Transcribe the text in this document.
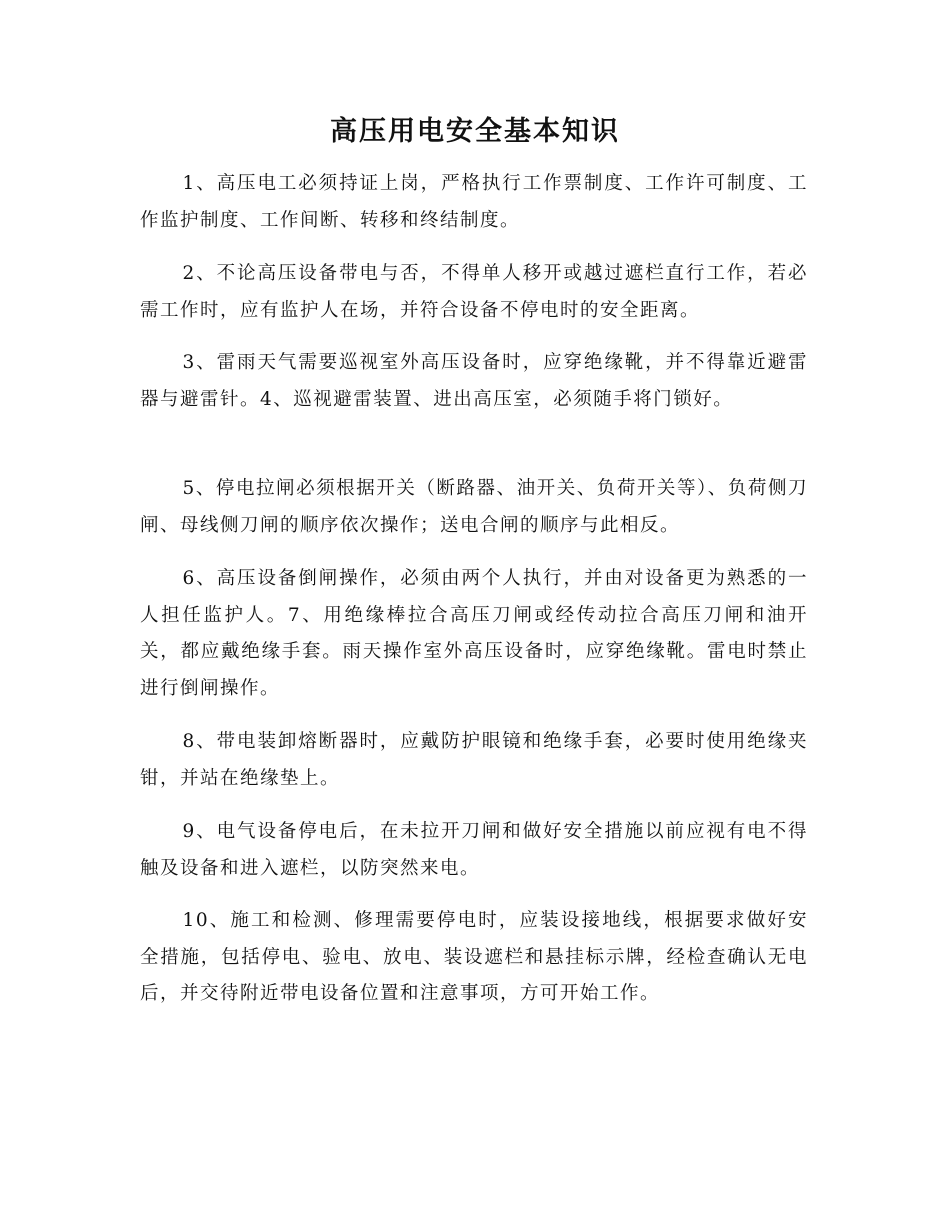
高压用电安全基本知识

1、高压电工必须持证上岗，严格执行工作票制度、工作许可制度、工作监护制度、工作间断、转移和终结制度。

2、不论高压设备带电与否，不得单人移开或越过遮栏直行工作，若必需工作时，应有监护人在场，并符合设备不停电时的安全距离。

3、雷雨天气需要巡视室外高压设备时，应穿绝缘靴，并不得靠近避雷器与避雷针。4、巡视避雷装置、进出高压室，必须随手将门锁好。

5、停电拉闸必须根据开关（断路器、油开关、负荷开关等）、负荷侧刀闸、母线侧刀闸的顺序依次操作；送电合闸的顺序与此相反。

6、高压设备倒闸操作，必须由两个人执行，并由对设备更为熟悉的一人担任监护人。7、用绝缘棒拉合高压刀闸或经传动拉合高压刀闸和油开关，都应戴绝缘手套。雨天操作室外高压设备时，应穿绝缘靴。雷电时禁止进行倒闸操作。

8、带电装卸熔断器时，应戴防护眼镜和绝缘手套，必要时使用绝缘夹钳，并站在绝缘垫上。

9、电气设备停电后，在未拉开刀闸和做好安全措施以前应视有电不得触及设备和进入遮栏，以防突然来电。

10、施工和检测、修理需要停电时，应装设接地线，根据要求做好安全措施，包括停电、验电、放电、装设遮栏和悬挂标示牌，经检查确认无电后，并交待附近带电设备位置和注意事项，方可开始工作。
